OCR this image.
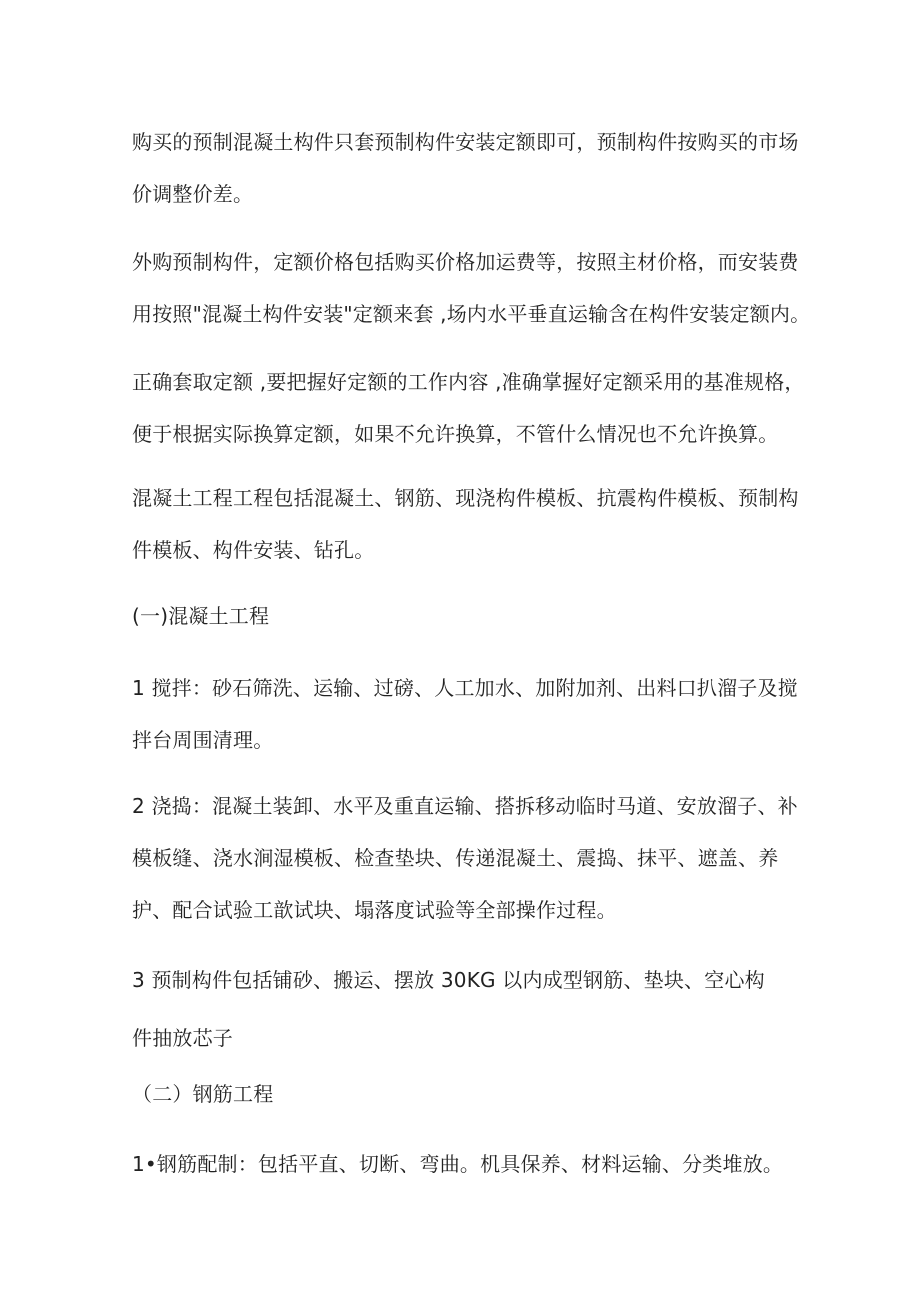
购买的预制混凝土构件只套预制构件安装定额即可，预制构件按购买的市场
价调整价差。

外购预制构件，定额价格包括购买价格加运费等，按照主材价格，而安装费
用按照"混凝土构件安装"定额来套 ,场内水平垂直运输含在构件安装定额内。

正确套取定额 ,要把握好定额的工作内容 ,准确掌握好定额采用的基准规格，
便于根据实际换算定额，如果不允许换算，不管什么情况也不允许换算。

混凝土工程工程包括混凝土、钢筋、现浇构件模板、抗震构件模板、预制构
件模板、构件安装、钻孔。

(一)混凝土工程

1 搅拌：砂石筛洗、运输、过磅、人工加水、加附加剂、出料口扒溜子及搅
拌台周围清理。

2 浇捣：混凝土装卸、水平及重直运输、搭拆移动临时马道、安放溜子、补
模板缝、浇水涧湿模板、检查垫块、传递混凝土、震捣、抹平、遮盖、养
护、配合试验工歆试块、塌落度试验等全部操作过程。

3 预制构件包括铺砂、搬运、摆放 30KG 以内成型钢筋、垫块、空心构
件抽放芯子

（二）钢筋工程

1•钢筋配制：包括平直、切断、弯曲。机具保养、材料运输、分类堆放。
